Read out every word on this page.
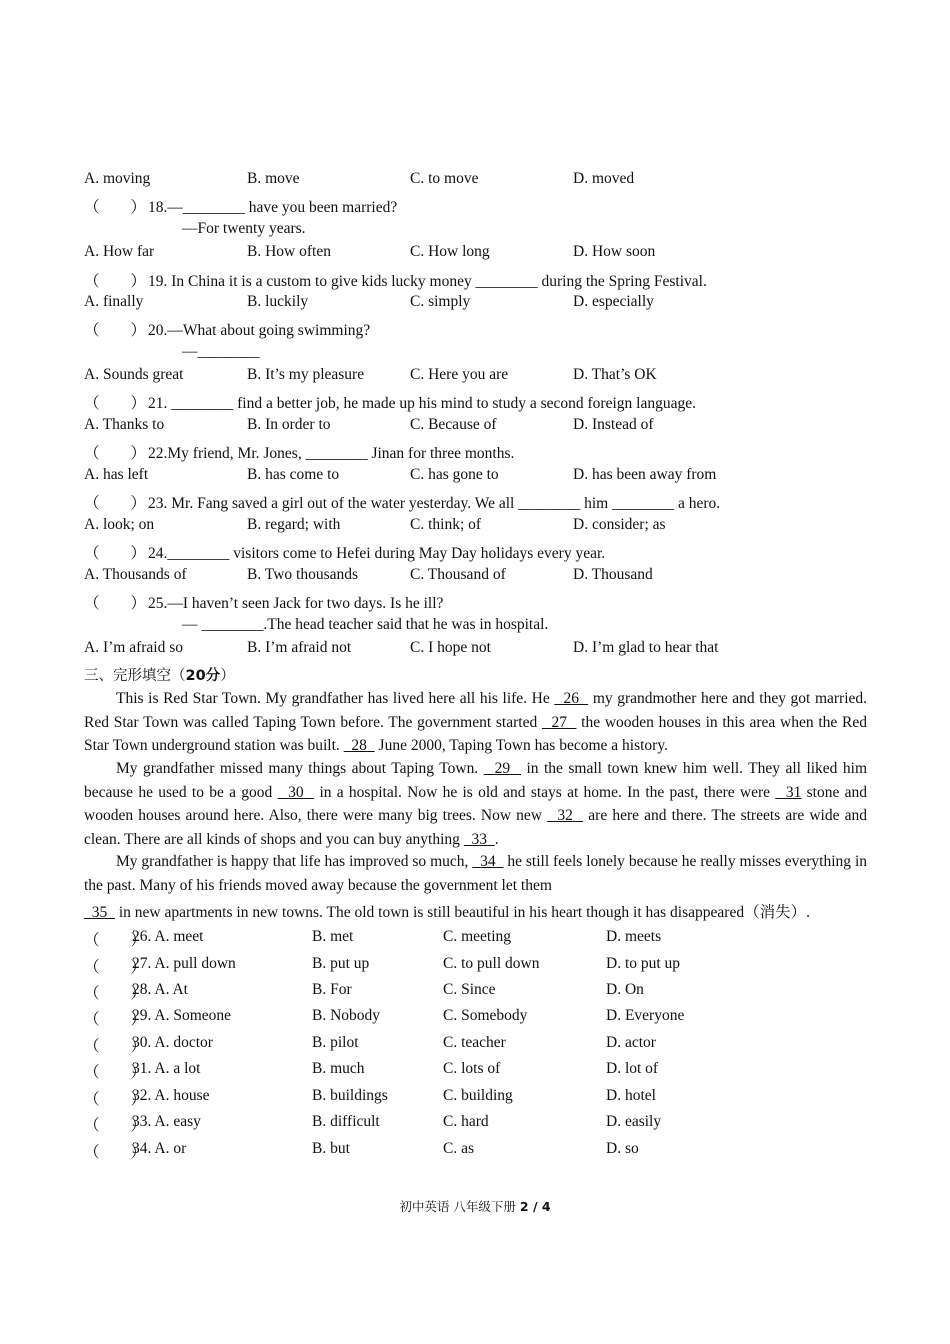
A. moving	B. move	C. to move	D. moved
（　　） 18.—________ have you been married?
—For twenty years.
A. How far	B. How often	C. How long	D. How soon
（　　） 19. In China it is a custom to give kids lucky money ________ during the Spring Festival.
A. finally	B. luckily	C. simply	D. especially
（　　） 20.—What about going swimming?
—________
A. Sounds great	B. It’s my pleasure	C. Here you are	D. That’s OK
（　　） 21. ________ find a better job, he made up his mind to study a second foreign language.
A. Thanks to	B. In order to	C. Because of	D. Instead of
（　　） 22.My friend, Mr. Jones, ________ Jinan for three months.
A. has left	B. has come to	C. has gone to	D. has been away from
（　　） 23. Mr. Fang saved a girl out of the water yesterday. We all ________ him ________ a hero.
A. look; on	B. regard; with	C. think; of	D. consider; as
（　　） 24.________ visitors come to Hefei during May Day holidays every year.
A. Thousands of	B. Two thousands	C. Thousand of	D. Thousand
（　　） 25.—I haven’t seen Jack for two days. Is he ill?
— ________.The head teacher said that he was in hospital.
A. I’m afraid so	B. I’m afraid not	C. I hope not	D. I’m glad to hear that
三、完形填空（20分）
This is Red Star Town. My grandfather has lived here all his life. He   26   my grandmother here and they got married. Red Star Town was called Taping Town before. The government started   27   the wooden houses in this area when the Red Star Town underground station was built.   28   June 2000, Taping Town has become a history.
My grandfather missed many things about Taping Town.   29   in the small town knew him well. They all liked him because he used to be a good   30   in a hospital. Now he is old and stays at home. In the past, there were   31 stone and wooden houses around here. Also, there were many big trees. Now new   32   are here and there. The streets are wide and clean. There are all kinds of shops and you can buy anything   33 .
My grandfather is happy that life has improved so much,   34   he still feels lonely because he really misses everything in the past. Many of his friends moved away because the government let them
35   in new apartments in new towns. The old town is still beautiful in his heart though it has disappeared（消失）.
（　　）
26. A. meet	B. met	C. meeting	D. meets
（　　）
27. A. pull down	B. put up	C. to pull down	D. to put up
（　　）
28. A. At	B. For	C. Since	D. On
（　　）
29. A. Someone	B. Nobody	C. Somebody	D. Everyone
（　　）
30. A. doctor	B. pilot	C. teacher	D. actor
（　　）
31. A. a lot	B. much	C. lots of	D. lot of
（　　）
32. A. house	B. buildings	C. building	D. hotel
（　　）
33. A. easy	B. difficult	C. hard	D. easily
（　　）
34. A. or	B. but	C. as	D. so
初中英语 八年级下册 2 / 4
